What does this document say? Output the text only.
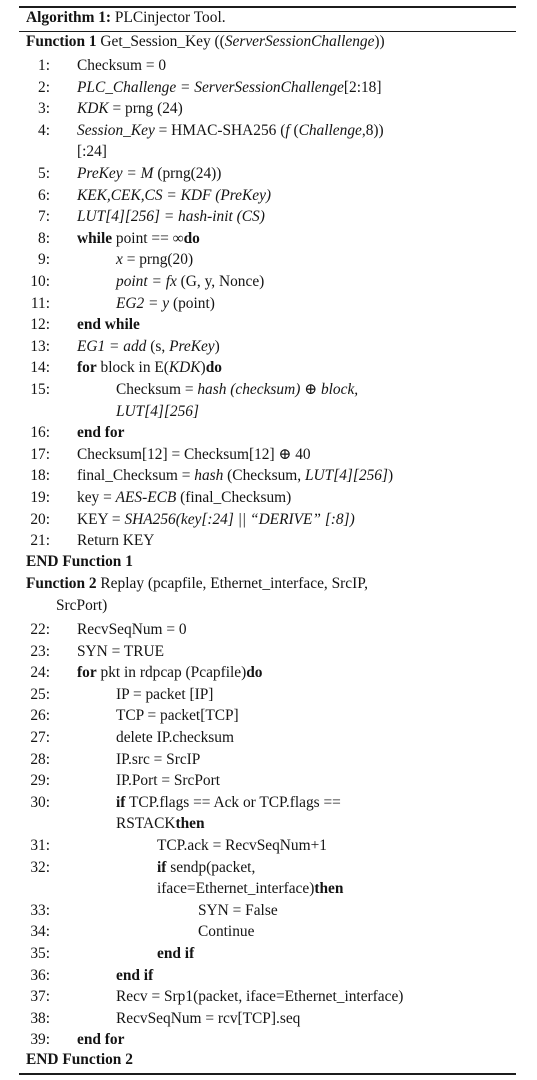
Algorithm 1: PLCinjector Tool.
Function 1 Get_Session_Key ((ServerSessionChallenge))
1: Checksum = 0
2: PLC_Challenge = ServerSessionChallenge[2:18]
3: KDK = prng (24)
4: Session_Key = HMAC-SHA256 (f (Challenge,8))
[:24]
5: PreKey = M (prng(24))
6: KEK,CEK,CS = KDF (PreKey)
7: LUT[4][256] = hash-init (CS)
8: while point == ∞do
9:	x = prng(20)
10:	point = fx (G, y, Nonce)
11:	EG2 = y (point)
12: end while
13: EG1 = add (s, PreKey)
14: for block in E(KDK)do
15:	Checksum = hash (checksum) ⊕ block,
LUT[4][256]
16: end for
17: Checksum[12] = Checksum[12] ⊕ 40
18: final_Checksum = hash (Checksum, LUT[4][256])
19: key = AES-ECB (final_Checksum)
20: KEY = SHA256(key[:24] || “DERIVE” [:8])
21: Return KEY
END Function 1
Function 2 Replay (pcapfile, Ethernet_interface, SrcIP,
SrcPort)
22: RecvSeqNum = 0
23: SYN = TRUE
24: for pkt in rdpcap (Pcapfile)do
25:	IP = packet [IP]
26:	TCP = packet[TCP]
27:	delete IP.checksum
28:	IP.src = SrcIP
29:	IP.Port = SrcPort
30:	if TCP.flags == Ack or TCP.flags ==
RSTACKthen
31:	TCP.ack = RecvSeqNum+1
32:	if sendp(packet,
iface=Ethernet_interface)then
33:	SYN = False
34:	Continue
35:	end if
36:	end if
37:	Recv = Srp1(packet, iface=Ethernet_interface)
38:	RecvSeqNum = rcv[TCP].seq
39: end for
END Function 2
